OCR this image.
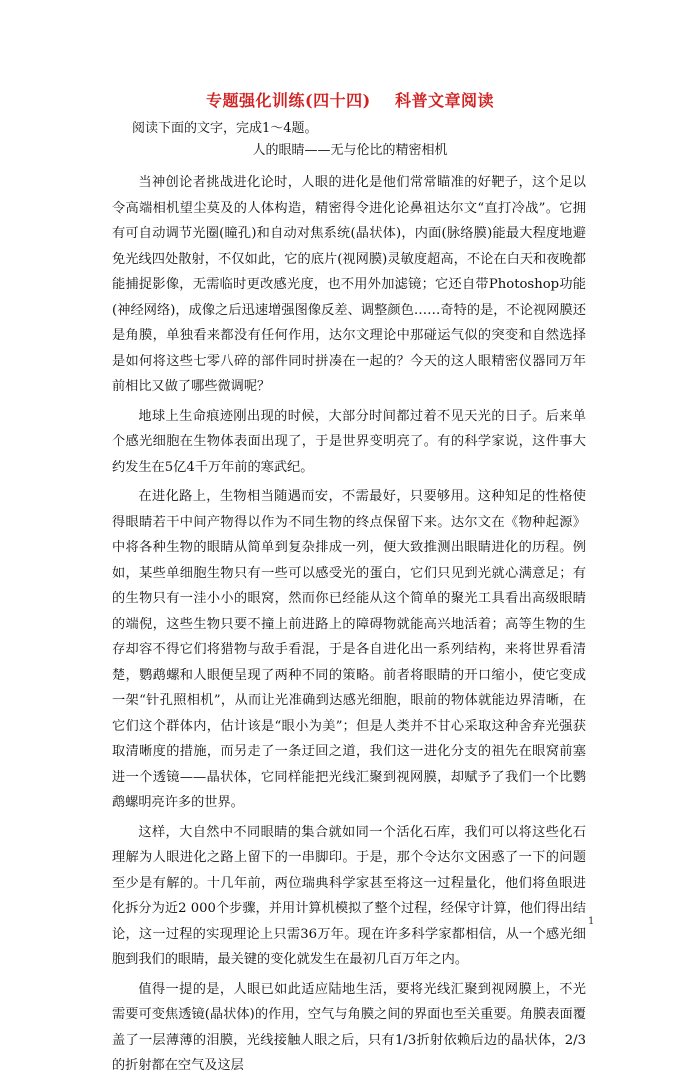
专题强化训练(四十四) 科普文章阅读
阅读下面的文字，完成1～4题。
人的眼睛——无与伦比的精密相机

当神创论者挑战进化论时，人眼的进化是他们常常瞄准的好靶子，这个足以令高端相机望尘莫及的人体构造，精密得令进化论鼻祖达尔文“直打冷战”。它拥有可自动调节光圈(瞳孔)和自动对焦系统(晶状体)，内面(脉络膜)能最大程度地避免光线四处散射，不仅如此，它的底片(视网膜)灵敏度超高，不论在白天和夜晚都能捕捉影像，无需临时更改感光度，也不用外加滤镜；它还自带Photoshop功能(神经网络)，成像之后迅速增强图像反差、调整颜色……奇特的是，不论视网膜还是角膜，单独看来都没有任何作用，达尔文理论中那碰运气似的突变和自然选择是如何将这些七零八碎的部件同时拼凑在一起的？今天的这人眼精密仪器同万年前相比又做了哪些微调呢？

地球上生命痕迹刚出现的时候，大部分时间都过着不见天光的日子。后来单个感光细胞在生物体表面出现了，于是世界变明亮了。有的科学家说，这件事大约发生在5亿4千万年前的寒武纪。

在进化路上，生物相当随遇而安，不需最好，只要够用。这种知足的性格使得眼睛若干中间产物得以作为不同生物的终点保留下来。达尔文在《物种起源》中将各种生物的眼睛从简单到复杂排成一列，便大致推测出眼睛进化的历程。例如，某些单细胞生物只有一些可以感受光的蛋白，它们只见到光就心满意足；有的生物只有一洼小小的眼窝，然而你已经能从这个简单的聚光工具看出高级眼睛的端倪，这些生物只要不撞上前进路上的障碍物就能高兴地活着；高等生物的生存却容不得它们将猎物与敌手看混，于是各自进化出一系列结构，来将世界看清楚，鹦鹉螺和人眼便呈现了两种不同的策略。前者将眼睛的开口缩小，使它变成一架“针孔照相机”，从而让光准确到达感光细胞，眼前的物体就能边界清晰，在它们这个群体内，估计该是“眼小为美”；但是人类并不甘心采取这种舍弃光强获取清晰度的措施，而另走了一条迂回之道，我们这一进化分支的祖先在眼窝前塞进一个透镜——晶状体，它同样能把光线汇聚到视网膜，却赋予了我们一个比鹦鹉螺明亮许多的世界。

这样，大自然中不同眼睛的集合就如同一个活化石库，我们可以将这些化石理解为人眼进化之路上留下的一串脚印。于是，那个令达尔文困惑了一下的问题至少是有解的。十几年前，两位瑞典科学家甚至将这一过程量化，他们将鱼眼进化拆分为近2 000个步骤，并用计算机模拟了整个过程，经保守计算，他们得出结论，这一过程的实现理论上只需36万年。现在许多科学家都相信，从一个感光细胞到我们的眼睛，最关键的变化就发生在最初几百万年之内。

值得一提的是，人眼已如此适应陆地生活，要将光线汇聚到视网膜上，不光需要可变焦透镜(晶状体)的作用，空气与角膜之间的界面也至关重要。角膜表面覆盖了一层薄薄的泪膜，光线接触人眼之后，只有1/3折射依赖后边的晶状体，2/3的折射都在空气及这层

1
